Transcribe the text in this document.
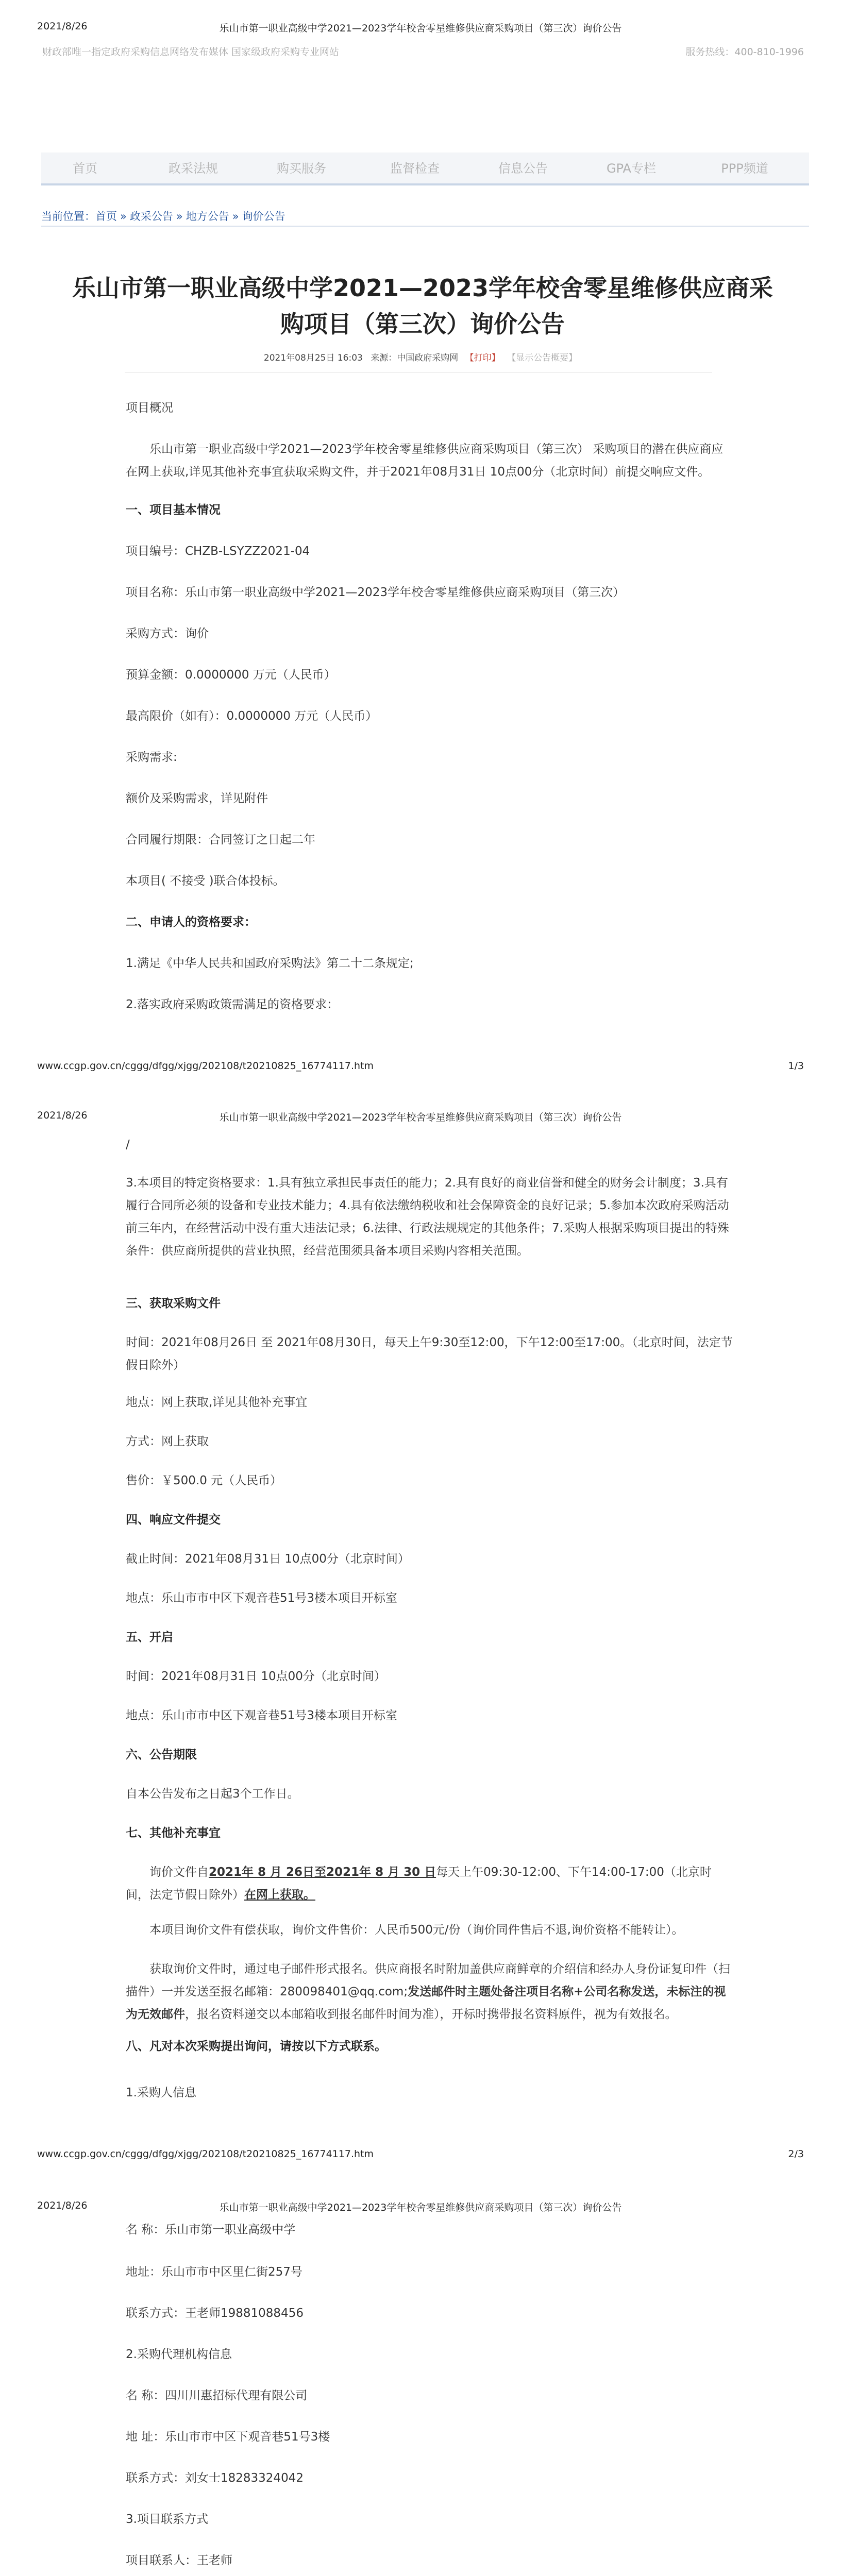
2021/8/26	乐山市第一职业高级中学2021—2023学年校舍零星维修供应商采购项目（第三次）询价公告
财政部唯一指定政府采购信息网络发布媒体 国家级政府采购专业网站	服务热线：400-810-1996
首页	政采法规	购买服务	监督检查	信息公告	GPA专栏	PPP频道
当前位置：首页 » 政采公告 » 地方公告 » 询价公告
乐山市第一职业高级中学2021—2023学年校舍零星维修供应商采购项目（第三次）询价公告
2021年08月25日 16:03 来源：中国政府采购网 【打印】 【显示公告概要】
项目概况
乐山市第一职业高级中学2021—2023学年校舍零星维修供应商采购项目（第三次） 采购项目的潜在供应商应在网上获取,详见其他补充事宜获取采购文件，并于2021年08月31日 10点00分（北京时间）前提交响应文件。
一、项目基本情况
项目编号：CHZB-LSYZZ2021-04
项目名称：乐山市第一职业高级中学2021—2023学年校舍零星维修供应商采购项目（第三次）
采购方式：询价
预算金额：0.0000000 万元（人民币）
最高限价（如有）：0.0000000 万元（人民币）
采购需求:
额价及采购需求，详见附件
合同履行期限：合同签订之日起二年
本项目( 不接受 )联合体投标。
二、申请人的资格要求：
1.满足《中华人民共和国政府采购法》第二十二条规定;
2.落实政府采购政策需满足的资格要求：
www.ccgp.gov.cn/cggg/dfgg/xjgg/202108/t20210825_16774117.htm	1/3
2021/8/26	乐山市第一职业高级中学2021—2023学年校舍零星维修供应商采购项目（第三次）询价公告
/
3.本项目的特定资格要求：1.具有独立承担民事责任的能力；2.具有良好的商业信誉和健全的财务会计制度；3.具有履行合同所必须的设备和专业技术能力；4.具有依法缴纳税收和社会保障资金的良好记录；5.参加本次政府采购活动前三年内，在经营活动中没有重大违法记录；6.法律、行政法规规定的其他条件；7.采购人根据采购项目提出的特殊条件：供应商所提供的营业执照，经营范围须具备本项目采购内容相关范围。
三、获取采购文件
时间：2021年08月26日 至 2021年08月30日，每天上午9:30至12:00，下午12:00至17:00。（北京时间，法定节假日除外）
地点：网上获取,详见其他补充事宜
方式：网上获取
售价：￥500.0 元（人民币）
四、响应文件提交
截止时间：2021年08月31日 10点00分（北京时间）
地点：乐山市市中区下观音巷51号3楼本项目开标室
五、开启
时间：2021年08月31日 10点00分（北京时间）
地点：乐山市市中区下观音巷51号3楼本项目开标室
六、公告期限
自本公告发布之日起3个工作日。
七、其他补充事宜
询价文件自2021年 8 月 26日至2021年 8 月 30 日每天上午09:30-12:00、下午14:00-17:00（北京时间，法定节假日除外）在网上获取。
本项目询价文件有偿获取，询价文件售价：人民币500元/份（询价同件售后不退,询价资格不能转让）。
获取询价文件时，通过电子邮件形式报名。供应商报名时附加盖供应商鲜章的介绍信和经办人身份证复印件（扫描件）一并发送至报名邮箱：280098401@qq.com;发送邮件时主题处备注项目名称+公司名称发送，未标注的视为无效邮件，报名资料递交以本邮箱收到报名邮件时间为准），开标时携带报名资料原件，视为有效报名。
八、凡对本次采购提出询问，请按以下方式联系。
1.采购人信息
www.ccgp.gov.cn/cggg/dfgg/xjgg/202108/t20210825_16774117.htm	2/3
2021/8/26	乐山市第一职业高级中学2021—2023学年校舍零星维修供应商采购项目（第三次）询价公告
名 称：乐山市第一职业高级中学
地址：乐山市市中区里仁街257号
联系方式：王老师19881088456
2.采购代理机构信息
名 称：四川川惠招标代理有限公司
地 址：乐山市市中区下观音巷51号3楼
联系方式：刘女士18283324042
3.项目联系方式
项目联系人：王老师
